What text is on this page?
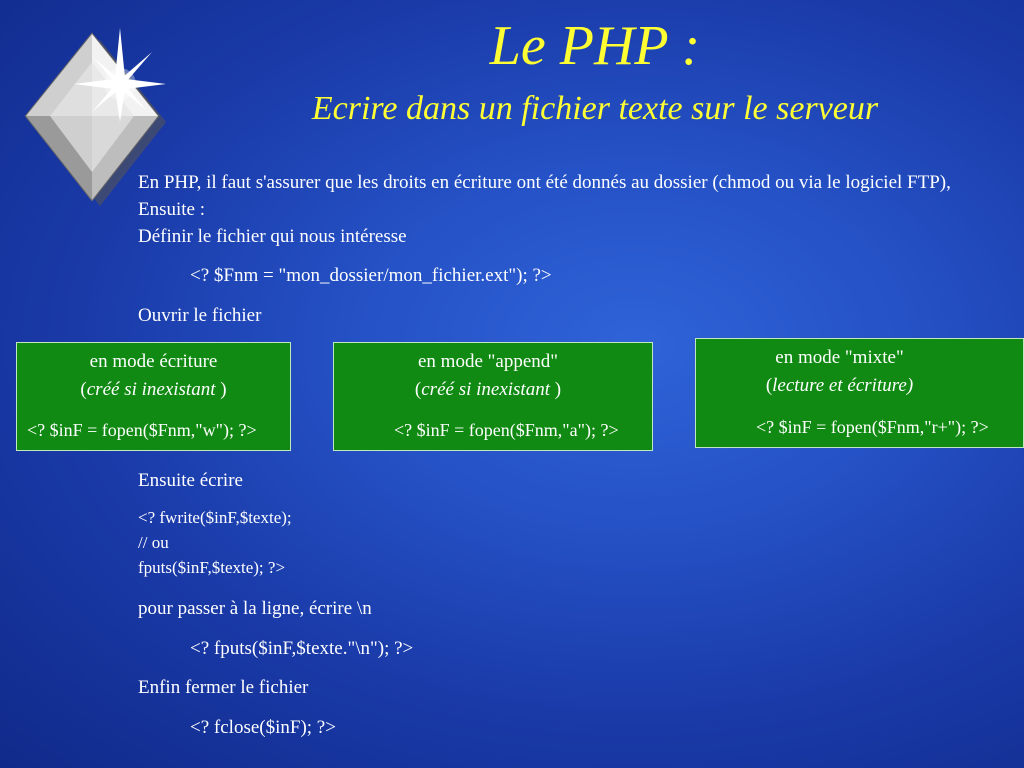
Le PHP :
Ecrire dans un fichier texte sur le serveur
En PHP, il faut s'assurer que les droits en écriture ont été donnés au dossier (chmod ou via le logiciel FTP), Ensuite :
Définir le fichier qui nous intéresse
<? $Fnm = "mon_dossier/mon_fichier.ext"); ?>
Ouvrir le fichier
en mode écriture
(créé si inexistant )
<? $inF = fopen($Fnm,"w"); ?>
en mode "append"
(créé si inexistant )
<? $inF = fopen($Fnm,"a"); ?>
en mode "mixte"
(lecture et écriture)
<? $inF = fopen($Fnm,"r+"); ?>
Ensuite écrire
<? fwrite($inF,$texte);
// ou
fputs($inF,$texte); ?>
pour passer à la ligne, écrire \n
<? fputs($inF,$texte."\n"); ?>
Enfin fermer le fichier
<? fclose($inF); ?>
